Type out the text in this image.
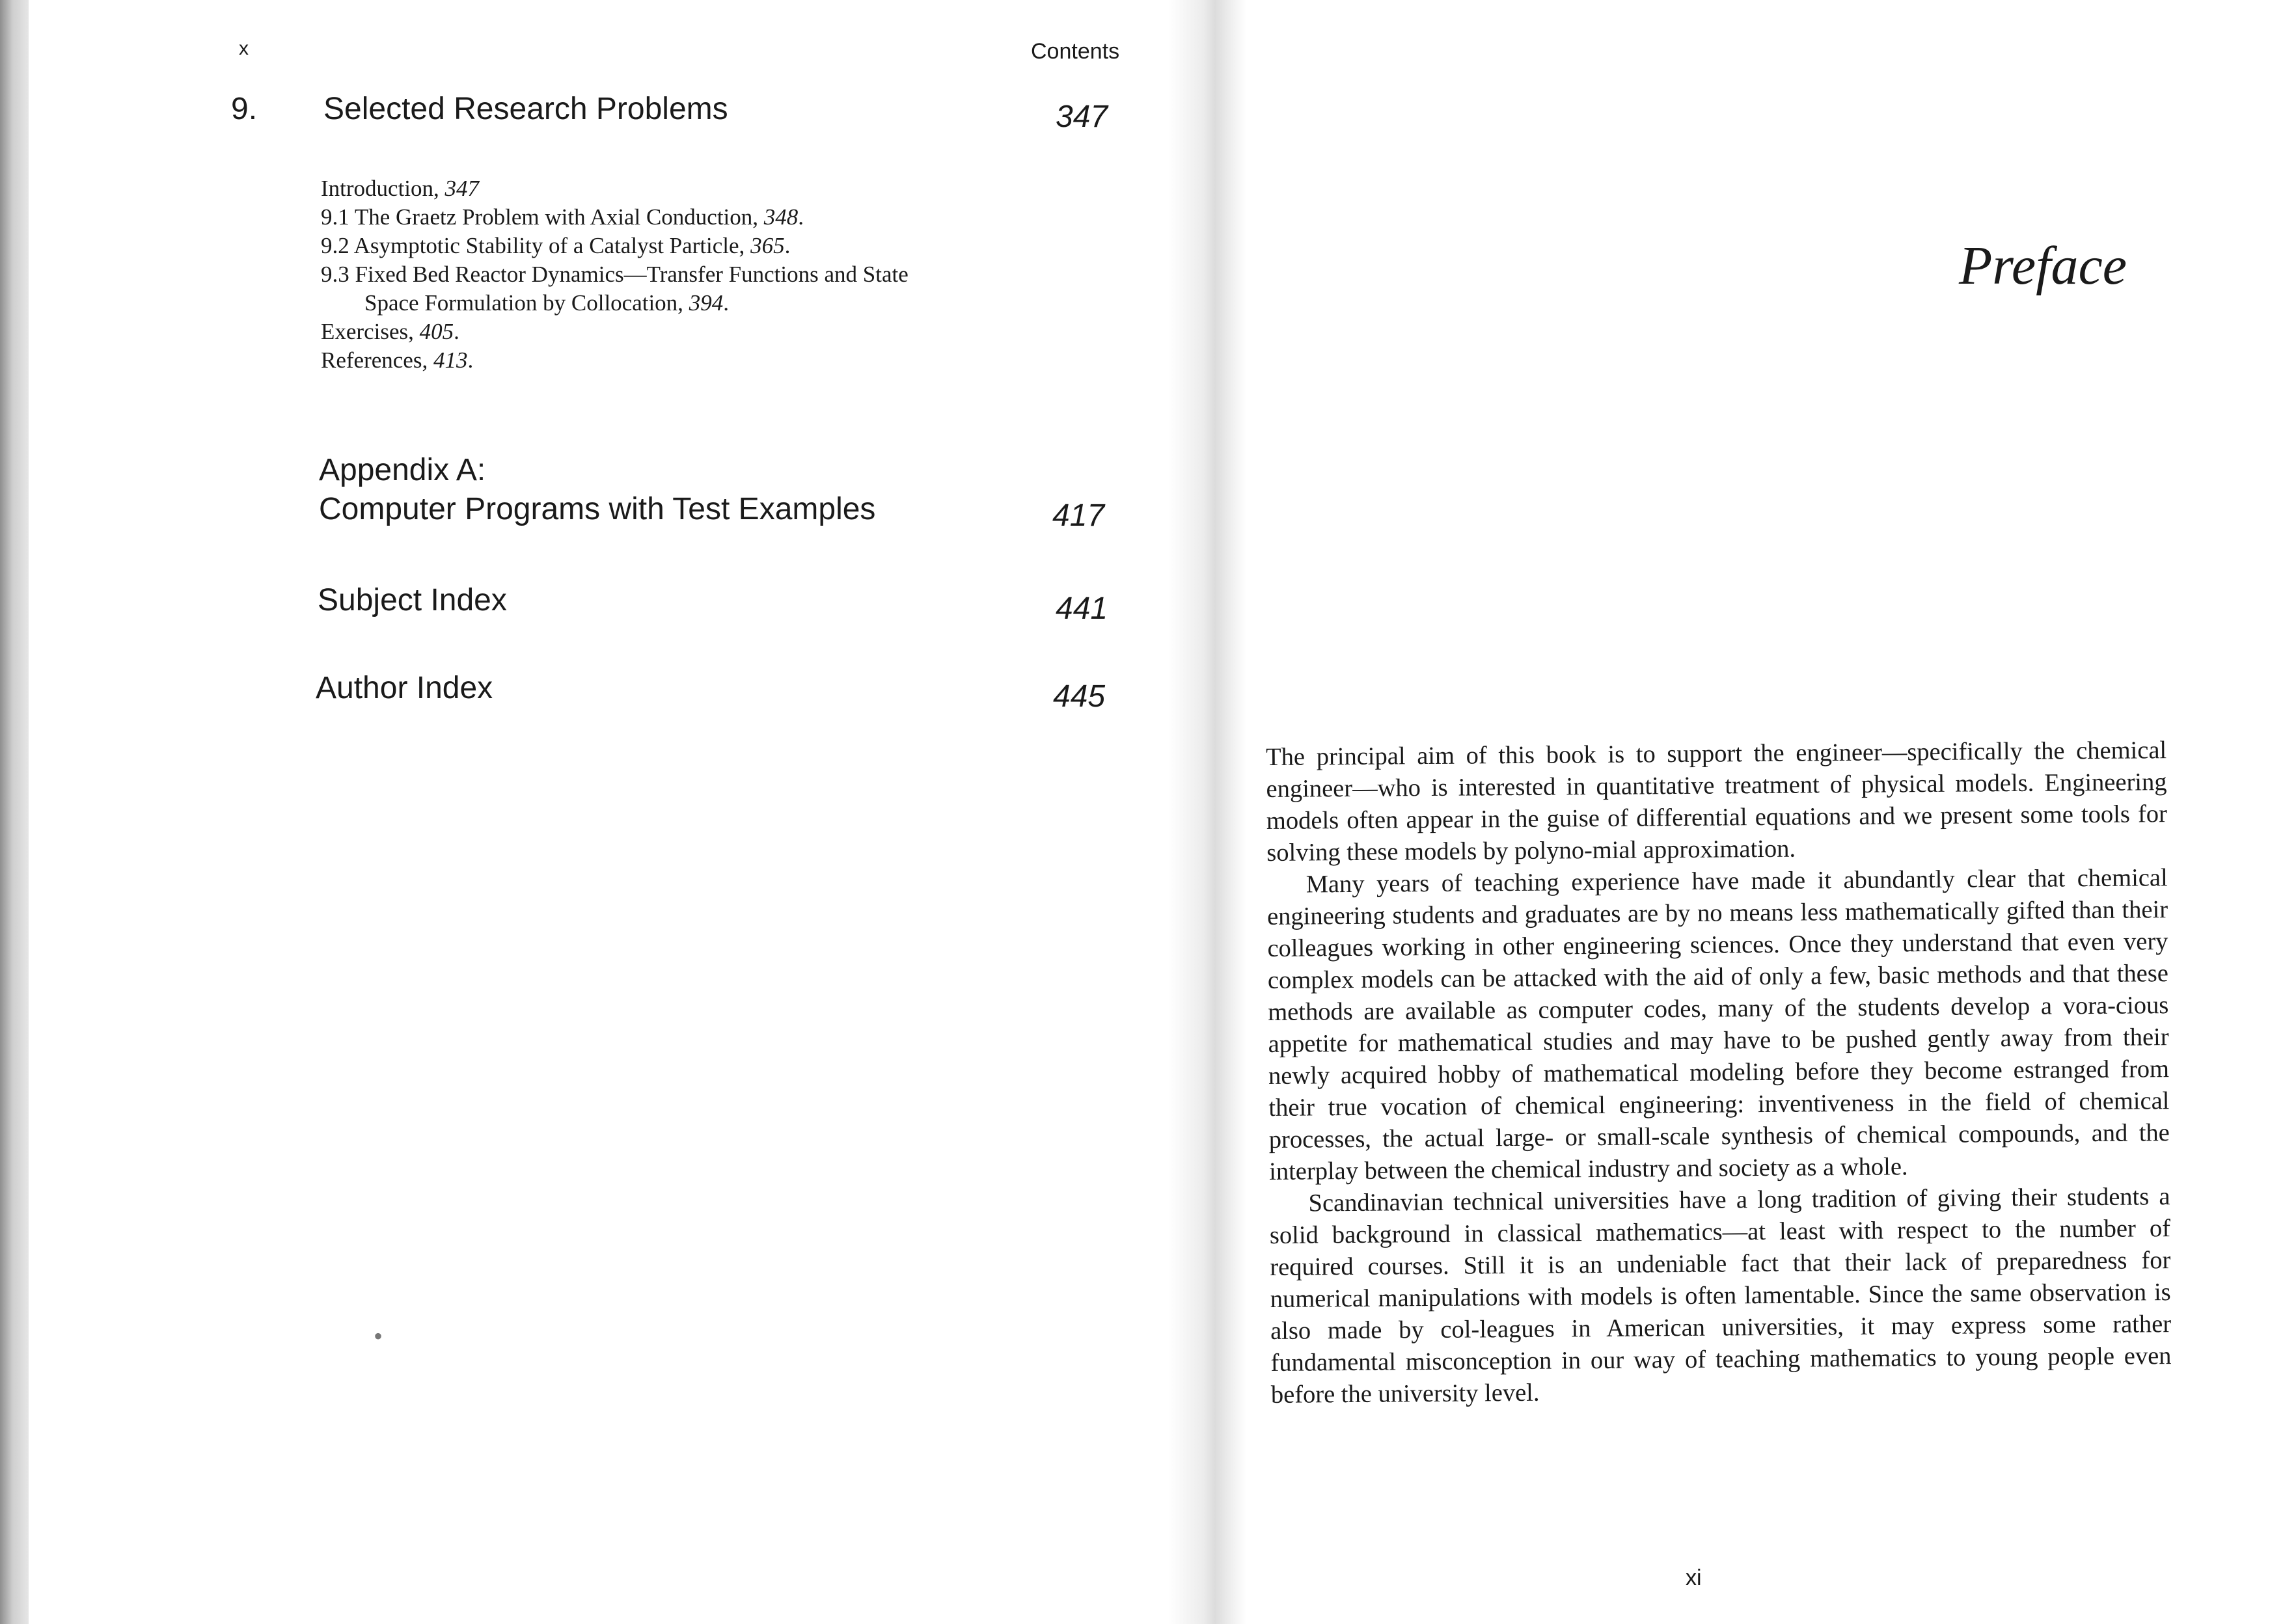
x	Contents
9. Selected Research Problems	347
Introduction, 347
9.1 The Graetz Problem with Axial Conduction, 348.
9.2 Asymptotic Stability of a Catalyst Particle, 365.
9.3 Fixed Bed Reactor Dynamics—Transfer Functions and State
Space Formulation by Collocation, 394.
Exercises, 405.
References, 413.
Appendix A:
Computer Programs with Test Examples	417
Subject Index	441
Author Index	445
•
Preface

The principal aim of this book is to support the engineer—specifically the chemical engineer—who is interested in quantitative treatment of physical models. Engineering models often appear in the guise of differential equations and we present some tools for solving these models by polyno-mial approximation.

Many years of teaching experience have made it abundantly clear that chemical engineering students and graduates are by no means less mathematically gifted than their colleagues working in other engineering sciences. Once they understand that even very complex models can be attacked with the aid of only a few, basic methods and that these methods are available as computer codes, many of the students develop a vora-cious appetite for mathematical studies and may have to be pushed gently away from their newly acquired hobby of mathematical modeling before they become estranged from their true vocation of chemical engineering: inventiveness in the field of chemical processes, the actual large- or small-scale synthesis of chemical compounds, and the interplay between the chemical industry and society as a whole.

Scandinavian technical universities have a long tradition of giving their students a solid background in classical mathematics—at least with respect to the number of required courses. Still it is an undeniable fact that their lack of preparedness for numerical manipulations with models is often lamentable. Since the same observation is also made by col-leagues in American universities, it may express some rather fundamental misconception in our way of teaching mathematics to young people even before the university level.

xi
